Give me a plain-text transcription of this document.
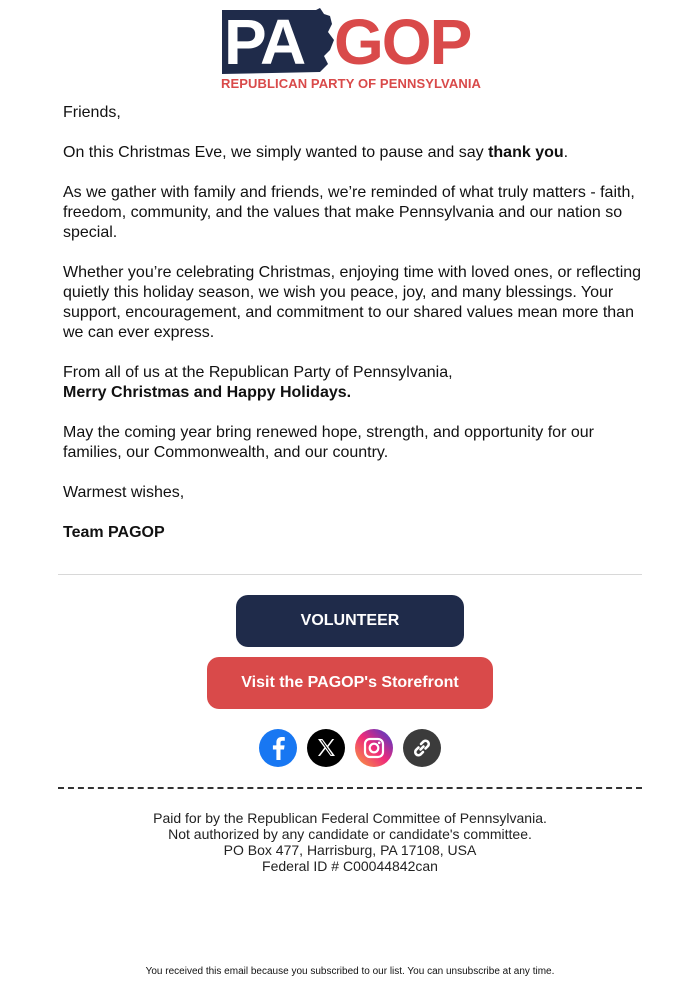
PA GOP
REPUBLICAN PARTY OF PENNSYLVANIA

Friends,

On this Christmas Eve, we simply wanted to pause and say thank you.

As we gather with family and friends, we’re reminded of what truly matters - faith, freedom, community, and the values that make Pennsylvania and our nation so special.

Whether you’re celebrating Christmas, enjoying time with loved ones, or reflecting quietly this holiday season, we wish you peace, joy, and many blessings. Your support, encouragement, and commitment to our shared values mean more than we can ever express.

From all of us at the Republican Party of Pennsylvania,
Merry Christmas and Happy Holidays.

May the coming year bring renewed hope, strength, and opportunity for our families, our Commonwealth, and our country.

Warmest wishes,

Team PAGOP

VOLUNTEER
Visit the PAGOP's Storefront
Paid for by the Republican Federal Committee of Pennsylvania.
Not authorized by any candidate or candidate's committee.
PO Box 477, Harrisburg, PA 17108, USA
Federal ID # C00044842can
You received this email because you subscribed to our list. You can unsubscribe at any time.
